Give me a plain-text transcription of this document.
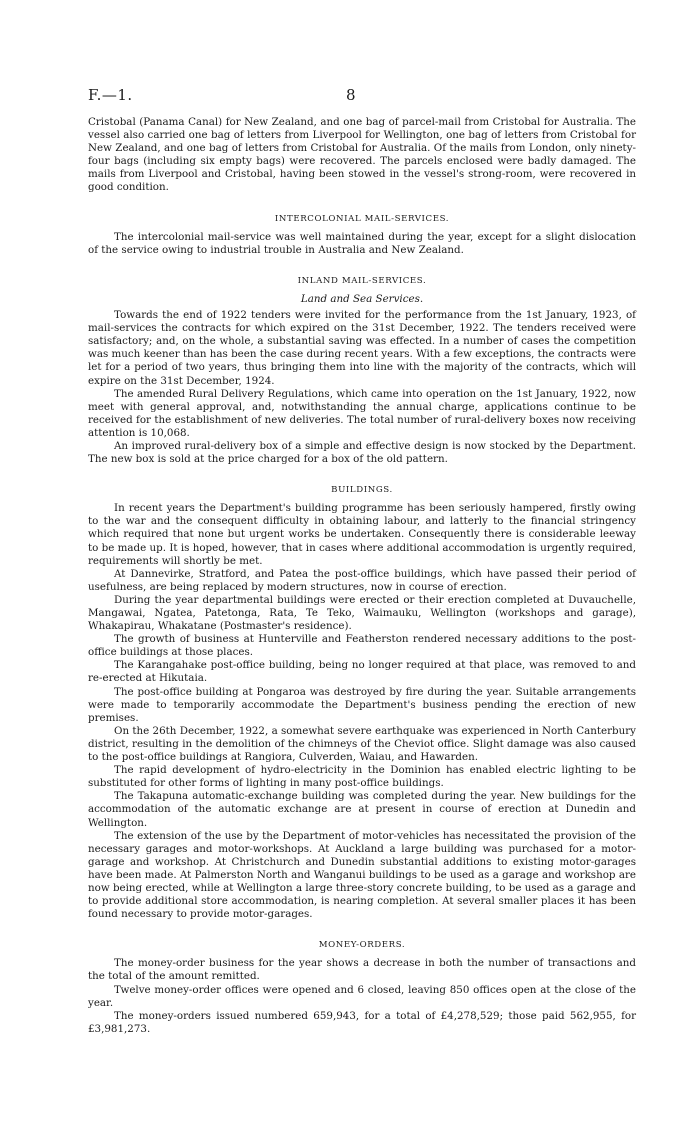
F.—1.	8

Cristobal (Panama Canal) for New Zealand, and one bag of parcel-mail from Cristobal for Australia. The vessel also carried one bag of letters from Liverpool for Wellington, one bag of letters from Cristobal for New Zealand, and one bag of letters from Cristobal for Australia. Of the mails from London, only ninety-four bags (including six empty bags) were recovered. The parcels enclosed were badly damaged. The mails from Liverpool and Cristobal, having been stowed in the vessel's strong-room, were recovered in good condition.

INTERCOLONIAL MAIL-SERVICES.

The intercolonial mail-service was well maintained during the year, except for a slight dislocation of the service owing to industrial trouble in Australia and New Zealand.

INLAND MAIL-SERVICES.
Land and Sea Services.

Towards the end of 1922 tenders were invited for the performance from the 1st January, 1923, of mail-services the contracts for which expired on the 31st December, 1922. The tenders received were satisfactory; and, on the whole, a substantial saving was effected. In a number of cases the competition was much keener than has been the case during recent years. With a few exceptions, the contracts were let for a period of two years, thus bringing them into line with the majority of the contracts, which will expire on the 31st December, 1924.

The amended Rural Delivery Regulations, which came into operation on the 1st January, 1922, now meet with general approval, and, notwithstanding the annual charge, applications continue to be received for the establishment of new deliveries. The total number of rural-delivery boxes now receiving attention is 10,068.

An improved rural-delivery box of a simple and effective design is now stocked by the Department. The new box is sold at the price charged for a box of the old pattern.

BUILDINGS.

In recent years the Department's building programme has been seriously hampered, firstly owing to the war and the consequent difficulty in obtaining labour, and latterly to the financial stringency which required that none but urgent works be undertaken. Consequently there is considerable leeway to be made up. It is hoped, however, that in cases where additional accommodation is urgently required, requirements will shortly be met.

At Dannevirke, Stratford, and Patea the post-office buildings, which have passed their period of usefulness, are being replaced by modern structures, now in course of erection.

During the year departmental buildings were erected or their erection completed at Duvauchelle, Mangawai, Ngatea, Patetonga, Rata, Te Teko, Waimauku, Wellington (workshops and garage), Whakapirau, Whakatane (Postmaster's residence).

The growth of business at Hunterville and Featherston rendered necessary additions to the post-office buildings at those places.

The Karangahake post-office building, being no longer required at that place, was removed to and re-erected at Hikutaia.

The post-office building at Pongaroa was destroyed by fire during the year. Suitable arrangements were made to temporarily accommodate the Department's business pending the erection of new premises.

On the 26th December, 1922, a somewhat severe earthquake was experienced in North Canterbury district, resulting in the demolition of the chimneys of the Cheviot office. Slight damage was also caused to the post-office buildings at Rangiora, Culverden, Waiau, and Hawarden.

The rapid development of hydro-electricity in the Dominion has enabled electric lighting to be substituted for other forms of lighting in many post-office buildings.

The Takapuna automatic-exchange building was completed during the year. New buildings for the accommodation of the automatic exchange are at present in course of erection at Dunedin and Wellington.

The extension of the use by the Department of motor-vehicles has necessitated the provision of the necessary garages and motor-workshops. At Auckland a large building was purchased for a motor-garage and workshop. At Christchurch and Dunedin substantial additions to existing motor-garages have been made. At Palmerston North and Wanganui buildings to be used as a garage and workshop are now being erected, while at Wellington a large three-story concrete building, to be used as a garage and to provide additional store accommodation, is nearing completion. At several smaller places it has been found necessary to provide motor-garages.

MONEY-ORDERS.

The money-order business for the year shows a decrease in both the number of transactions and the total of the amount remitted.

Twelve money-order offices were opened and 6 closed, leaving 850 offices open at the close of the year.

The money-orders issued numbered 659,943, for a total of £4,278,529; those paid 562,955, for £3,981,273.
